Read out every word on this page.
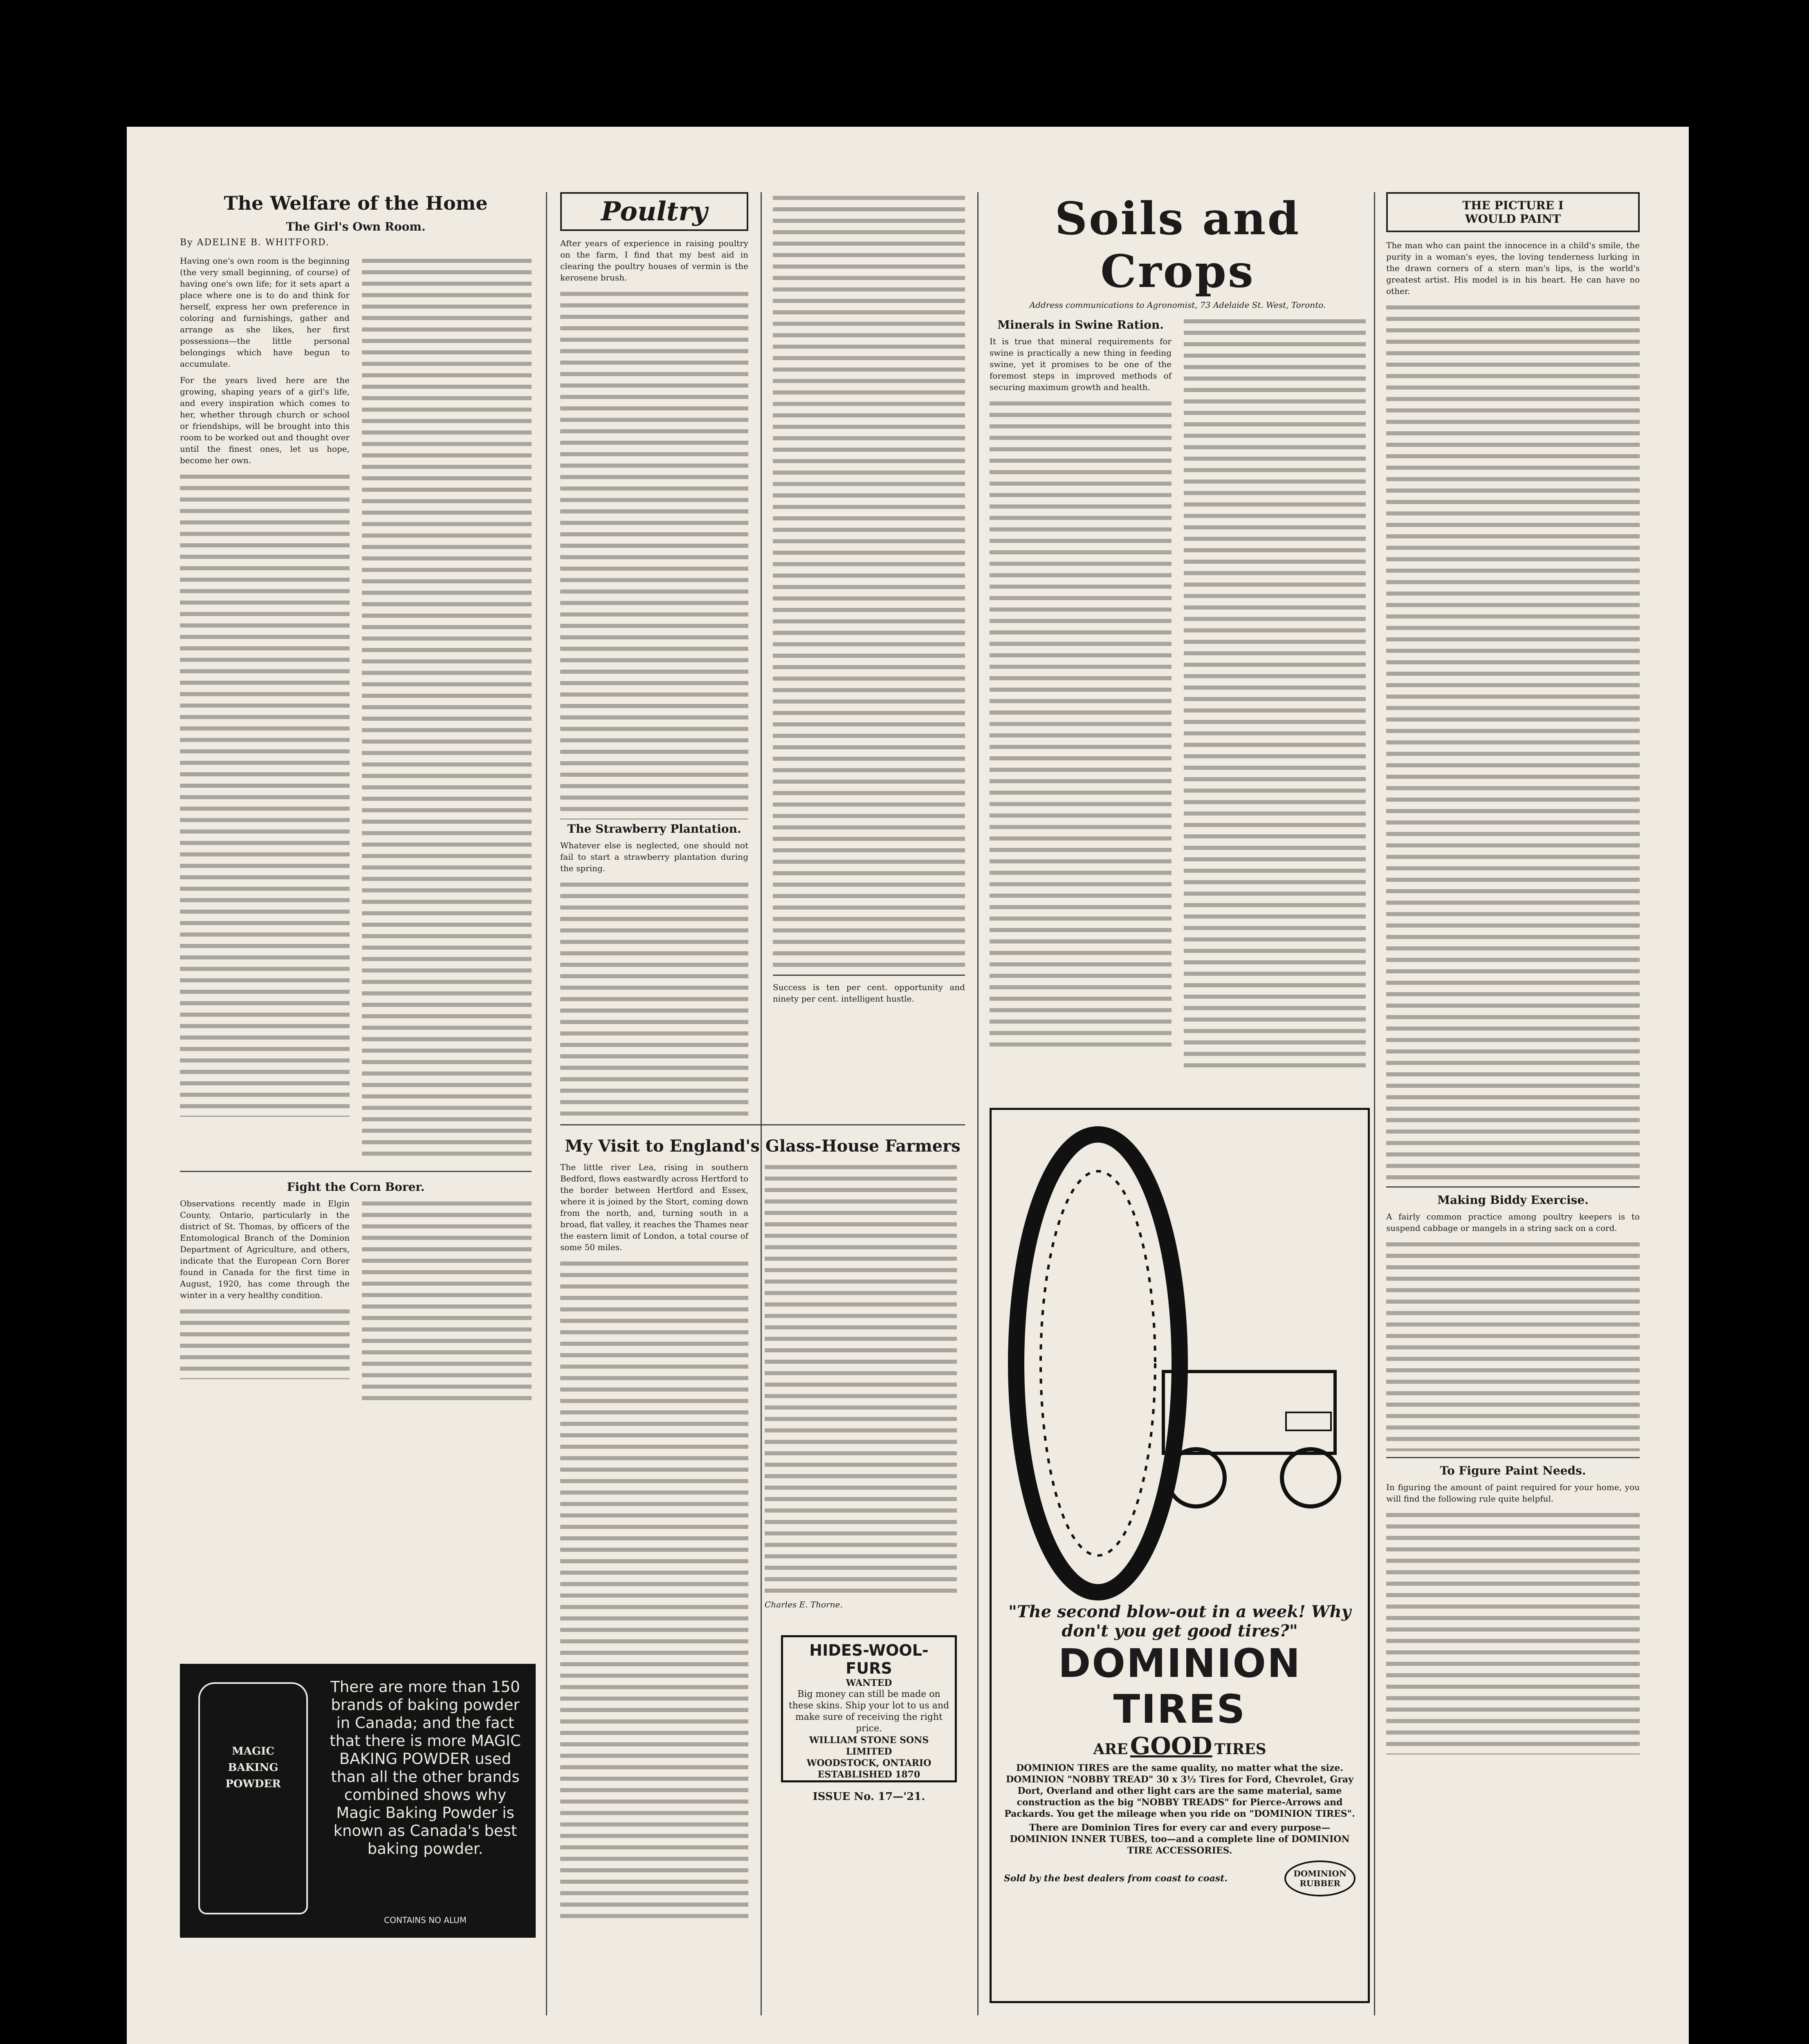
The Welfare of the Home
The Girl's Own Room.
By ADELINE B. WHITFORD.

Having one's own room is the beginning (the very small beginning, of course) of having one's own life; for it sets apart a place where one is to do and think for herself, express her own preference in coloring and furnishings, gather and arrange as she likes, her first possessions—the little personal belongings which have begun to accumulate.

For the years lived here are the growing, shaping years of a girl's life, and every inspiration which comes to her, whether through church or school or friendships, will be brought into this room to be worked out and thought over until the finest ones, let us hope, become her own.

Fight the Corn Borer.

Observations recently made in Elgin County, Ontario, particularly in the district of St. Thomas, by officers of the Entomological Branch of the Dominion Department of Agriculture, and others, indicate that the European Corn Borer found in Canada for the first time in August, 1920, has come through the winter in a very healthy condition.

MAGIC
BAKING
POWDER
There are more than 150 brands of baking powder in Canada; and the fact that there is more MAGIC BAKING POWDER used than all the other brands combined shows why Magic Baking Powder is known as Canada's best baking powder.
CONTAINS NO ALUM
Poultry

After years of experience in raising poultry on the farm, I find that my best aid in clearing the poultry houses of vermin is the kerosene brush.

The Strawberry Plantation.

Whatever else is neglected, one should not fail to start a strawberry plantation during the spring.

Success is ten per cent. opportunity and ninety per cent. intelligent hustle.

My Visit to England's Glass-House Farmers

The little river Lea, rising in southern Bedford, flows eastwardly across Hertford to the border between Hertford and Essex, where it is joined by the Stort, coming down from the north, and, turning south in a broad, flat valley, it reaches the Thames near the eastern limit of London, a total course of some 50 miles.

Charles E. Thorne.
HIDES-WOOL-FURS
WANTED
Big money can still be made on these skins. Ship your lot to us and make sure of receiving the right price.
WILLIAM STONE SONS LIMITED
WOODSTOCK, ONTARIO
ESTABLISHED 1870
ISSUE No. 17—'21.
Soils and Crops
Address communications to Agronomist, 73 Adelaide St. West, Toronto.
Minerals in Swine Ration.

It is true that mineral requirements for swine is practically a new thing in feeding swine, yet it promises to be one of the foremost steps in improved methods of securing maximum growth and health.

"The second blow-out in a week! Why don't you get good tires?"

DOMINION TIRES

ARE GOOD TIRES

DOMINION TIRES are the same quality, no matter what the size. DOMINION "NOBBY TREAD" 30 x 3½ Tires for Ford, Chevrolet, Gray Dort, Overland and other light cars are the same material, same construction as the big "NOBBY TREADS" for Pierce-Arrows and Packards. You get the mileage when you ride on "DOMINION TIRES".

There are Dominion Tires for every car and every purpose—DOMINION INNER TUBES, too—and a complete line of DOMINION TIRE ACCESSORIES.

Sold by the best dealers from coast to coast.	DOMINION
RUBBER
THE PICTURE I
WOULD PAINT

The man who can paint the innocence in a child's smile, the purity in a woman's eyes, the loving tenderness lurking in the drawn corners of a stern man's lips, is the world's greatest artist. His model is in his heart. He can have no other.

Making Biddy Exercise.

A fairly common practice among poultry keepers is to suspend cabbage or mangels in a string sack on a cord.

To Figure Paint Needs.

In figuring the amount of paint required for your home, you will find the following rule quite helpful.
